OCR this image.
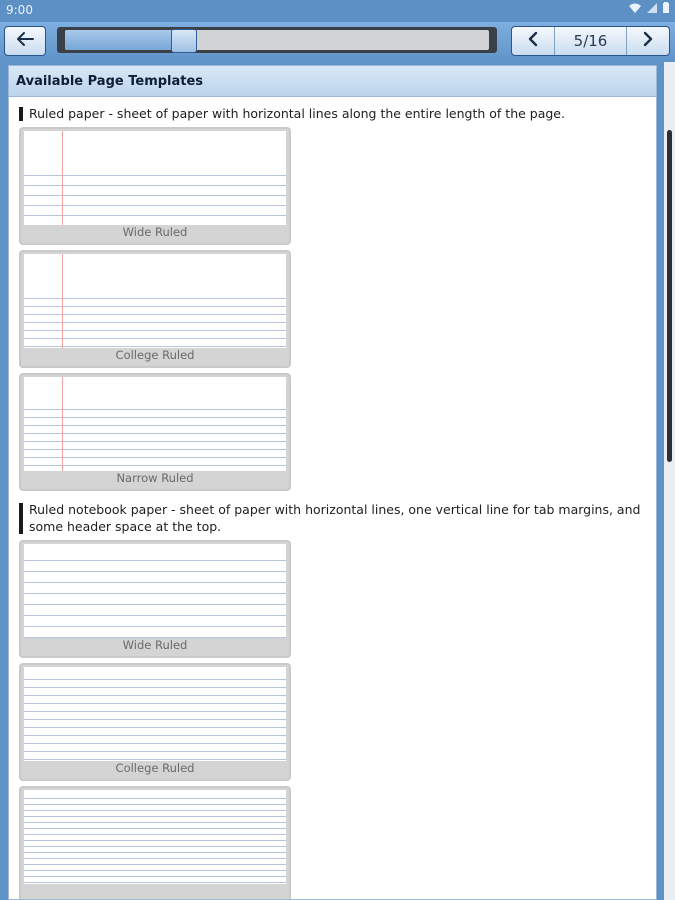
9:00
5/16
Available Page Templates
Ruled paper - sheet of paper with horizontal lines along the entire length of the page.
Wide Ruled
College Ruled
Narrow Ruled
Ruled notebook paper - sheet of paper with horizontal lines, one vertical line for tab margins, and some header space at the top.
Wide Ruled
College Ruled
